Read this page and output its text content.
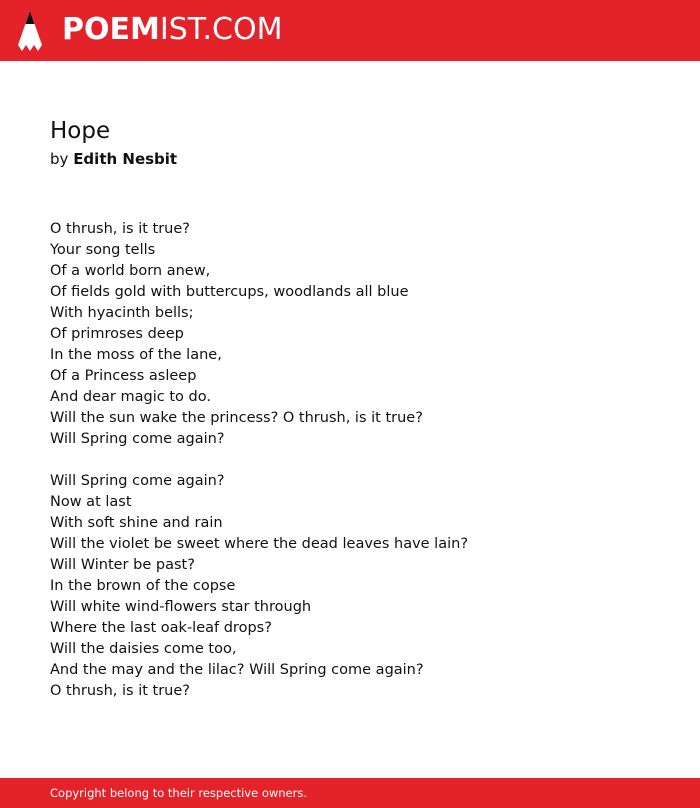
POEMIST.COM
Hope
by Edith Nesbit
O thrush, is it true?
Your song tells
Of a world born anew,
Of fields gold with buttercups, woodlands all blue
With hyacinth bells;
Of primroses deep
In the moss of the lane,
Of a Princess asleep
And dear magic to do.
Will the sun wake the princess? O thrush, is it true?
Will Spring come again?
Will Spring come again?
Now at last
With soft shine and rain
Will the violet be sweet where the dead leaves have lain?
Will Winter be past?
In the brown of the copse
Will white wind-flowers star through
Where the last oak-leaf drops?
Will the daisies come too,
And the may and the lilac? Will Spring come again?
O thrush, is it true?
Copyright belong to their respective owners.
